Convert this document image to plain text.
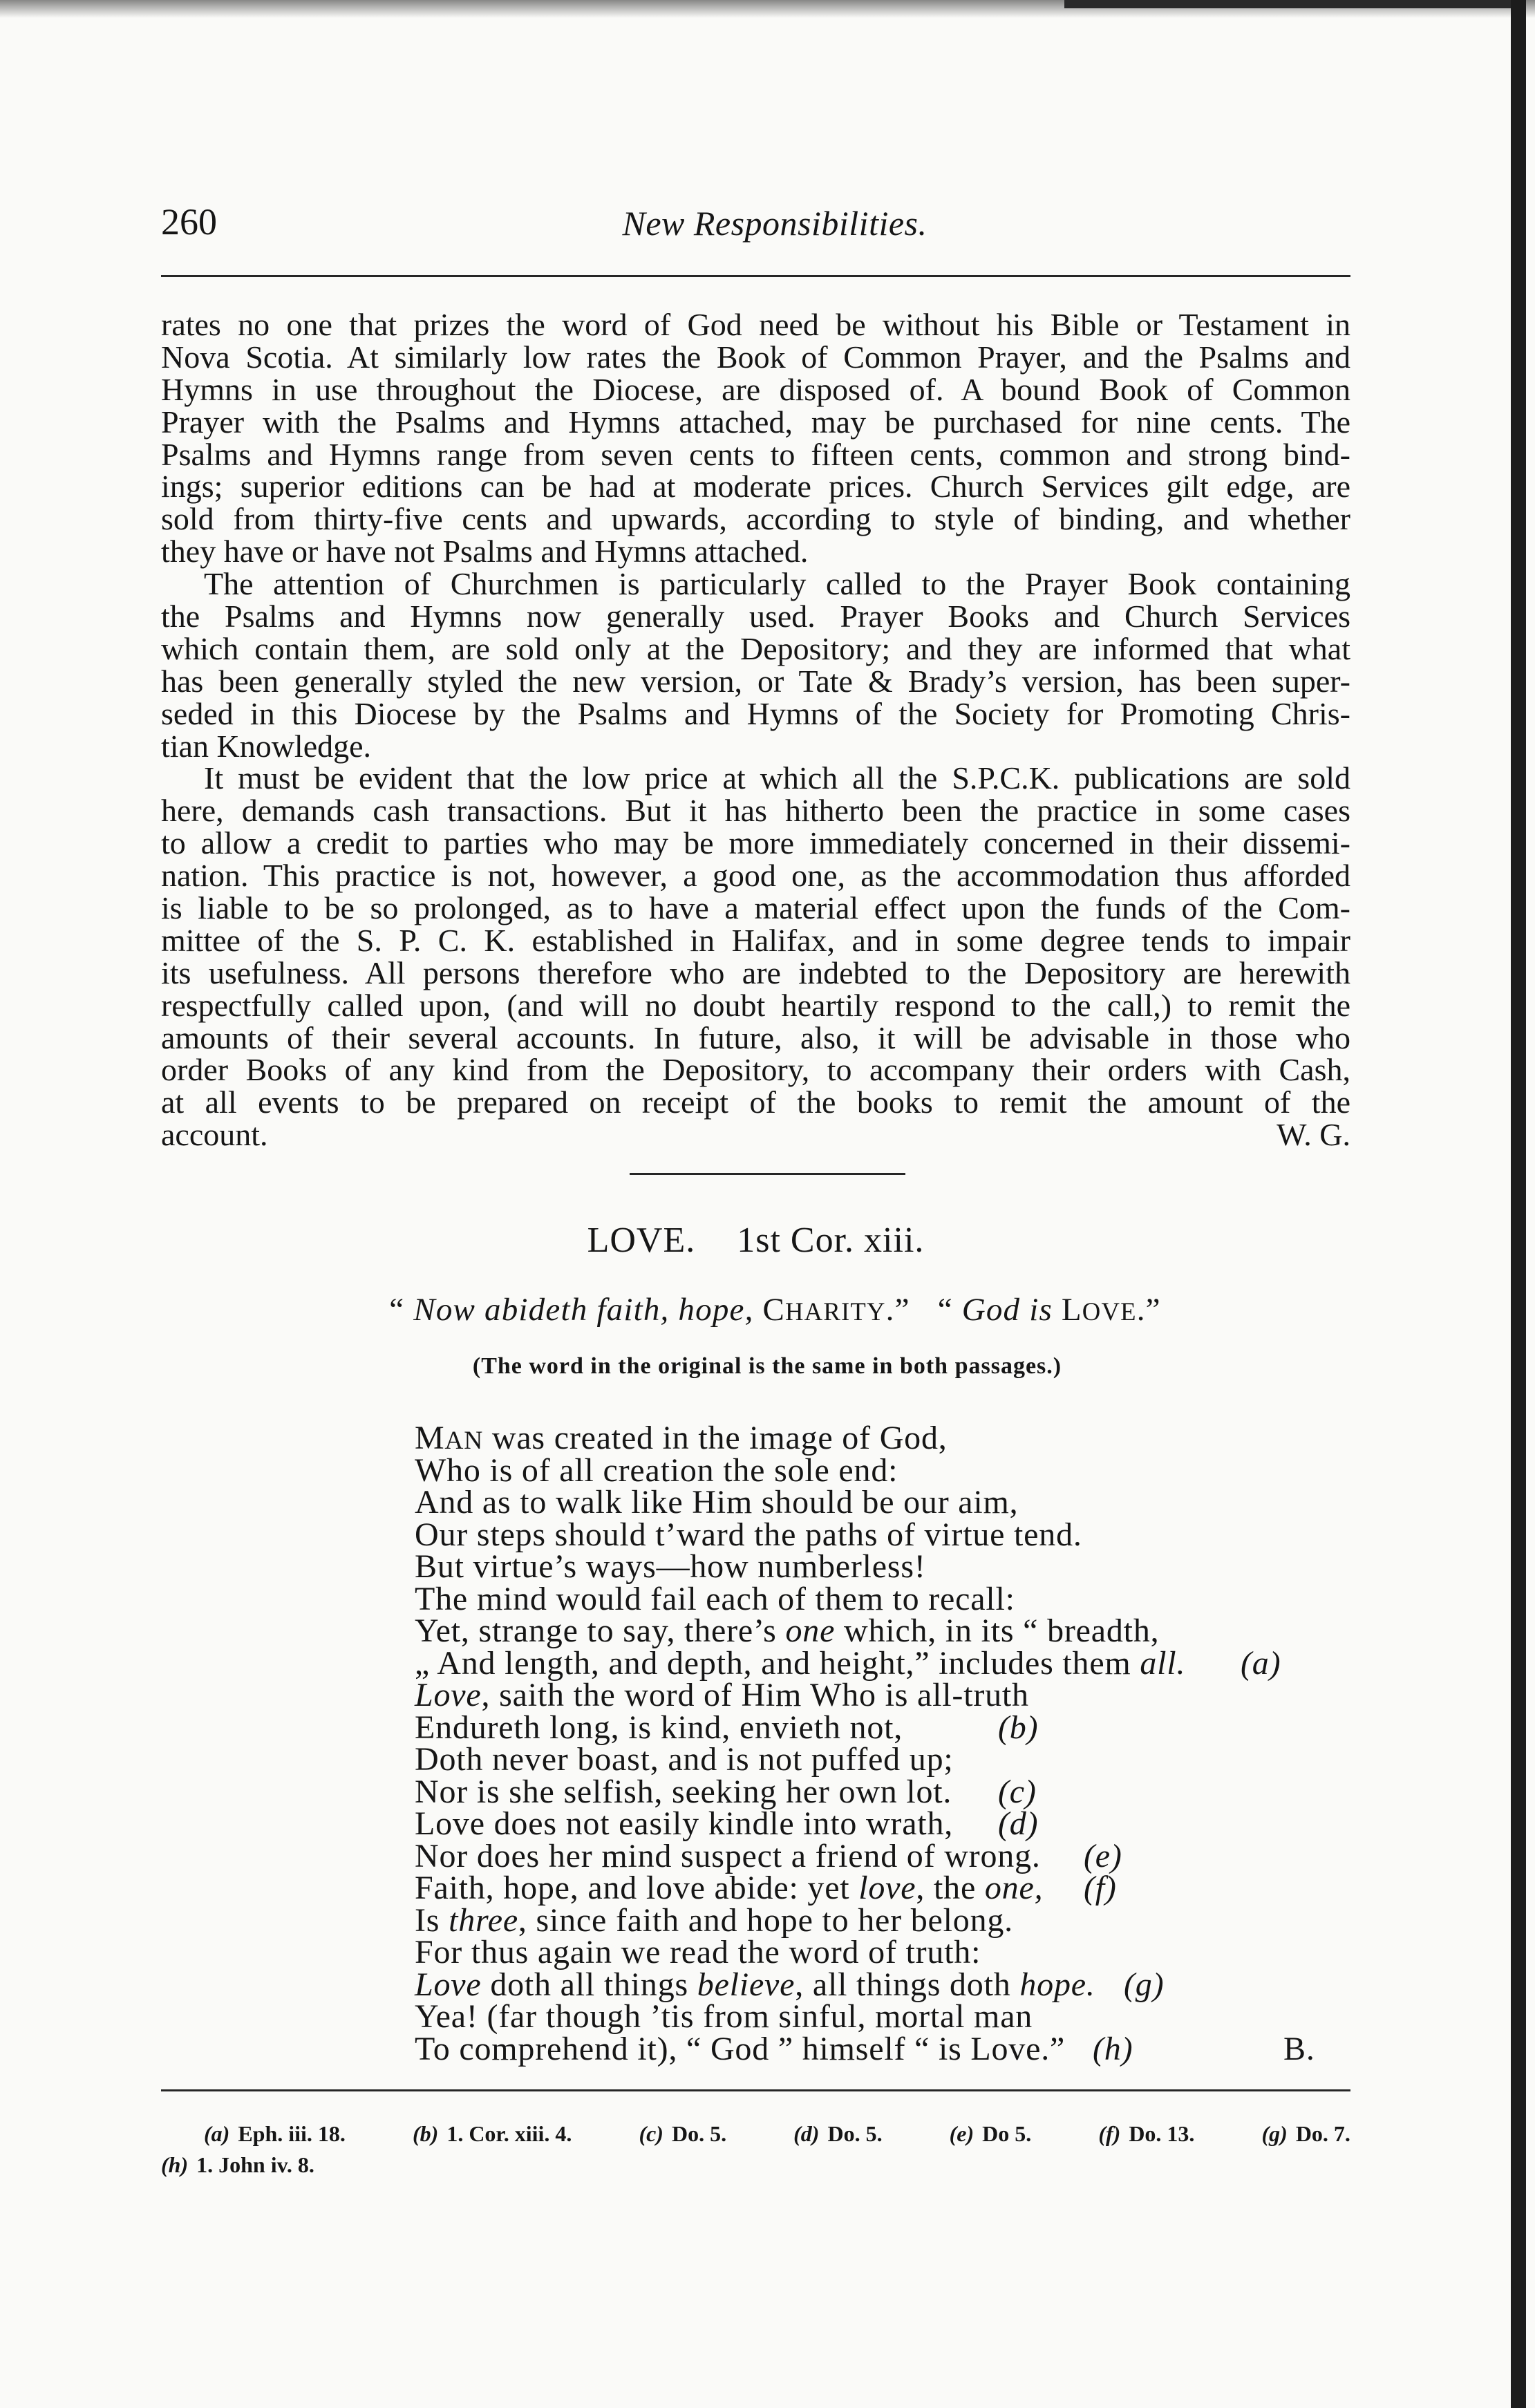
260	New Responsibilities.
rates no one that prizes the word of God need be without his Bible or Testament in
Nova Scotia. At similarly low rates the Book of Common Prayer, and the Psalms and
Hymns in use throughout the Diocese, are disposed of. A bound Book of Common
Prayer with the Psalms and Hymns attached, may be purchased for nine cents. The
Psalms and Hymns range from seven cents to fifteen cents, common and strong bind-
ings; superior editions can be had at moderate prices. Church Services gilt edge, are
sold from thirty-five cents and upwards, according to style of binding, and whether
they have or have not Psalms and Hymns attached.
The attention of Churchmen is particularly called to the Prayer Book containing
the Psalms and Hymns now generally used. Prayer Books and Church Services
which contain them, are sold only at the Depository; and they are informed that what
has been generally styled the new version, or Tate & Brady’s version, has been super-
seded in this Diocese by the Psalms and Hymns of the Society for Promoting Chris-
tian Knowledge.
It must be evident that the low price at which all the S.P.C.K. publications are sold
here, demands cash transactions. But it has hitherto been the practice in some cases
to allow a credit to parties who may be more immediately concerned in their dissemi-
nation. This practice is not, however, a good one, as the accommodation thus afforded
is liable to be so prolonged, as to have a material effect upon the funds of the Com-
mittee of the S. P. C. K. established in Halifax, and in some degree tends to impair
its usefulness. All persons therefore who are indebted to the Depository are herewith
respectfully called upon, (and will no doubt heartily respond to the call,) to remit the
amounts of their several accounts. In future, also, it will be advisable in those who
order Books of any kind from the Depository, to accompany their orders with Cash,
at all events to be prepared on receipt of the books to remit the amount of the
account.	W. G.
LOVE. 1st Cor. xiii.
“ Now abideth faith, hope, CHARITY.” “ God is LOVE.”
(The word in the original is the same in both passages.)
MAN was created in the image of God,
Who is of all creation the sole end:
And as to walk like Him should be our aim,
Our steps should t’ward the paths of virtue tend.
But virtue’s ways—how numberless!
The mind would fail each of them to recall:
Yet, strange to say, there’s one which, in its “ breadth,
„ And length, and depth, and height,” includes them all. (a)
Love, saith the word of Him Who is all-truth
Endureth long, is kind, envieth not,	(b)
Doth never boast, and is not puffed up;
Nor is she selfish, seeking her own lot. (c)
Love does not easily kindle into wrath, (d)
Nor does her mind suspect a friend of wrong. (e)
Faith, hope, and love abide: yet love, the one, (f)
Is three, since faith and hope to her belong.
For thus again we read the word of truth:
Love doth all things believe, all things doth hope. (g)
Yea! (far though ’tis from sinful, mortal man
To comprehend it), “ God ” himself “ is Love.” (h)	B.
(a) Eph. iii. 18.	(b) 1. Cor. xiii. 4.	(c) Do. 5.	(d) Do. 5.	(e) Do 5.	(f) Do. 13.	(g) Do. 7.
(h) 1. John iv. 8.
